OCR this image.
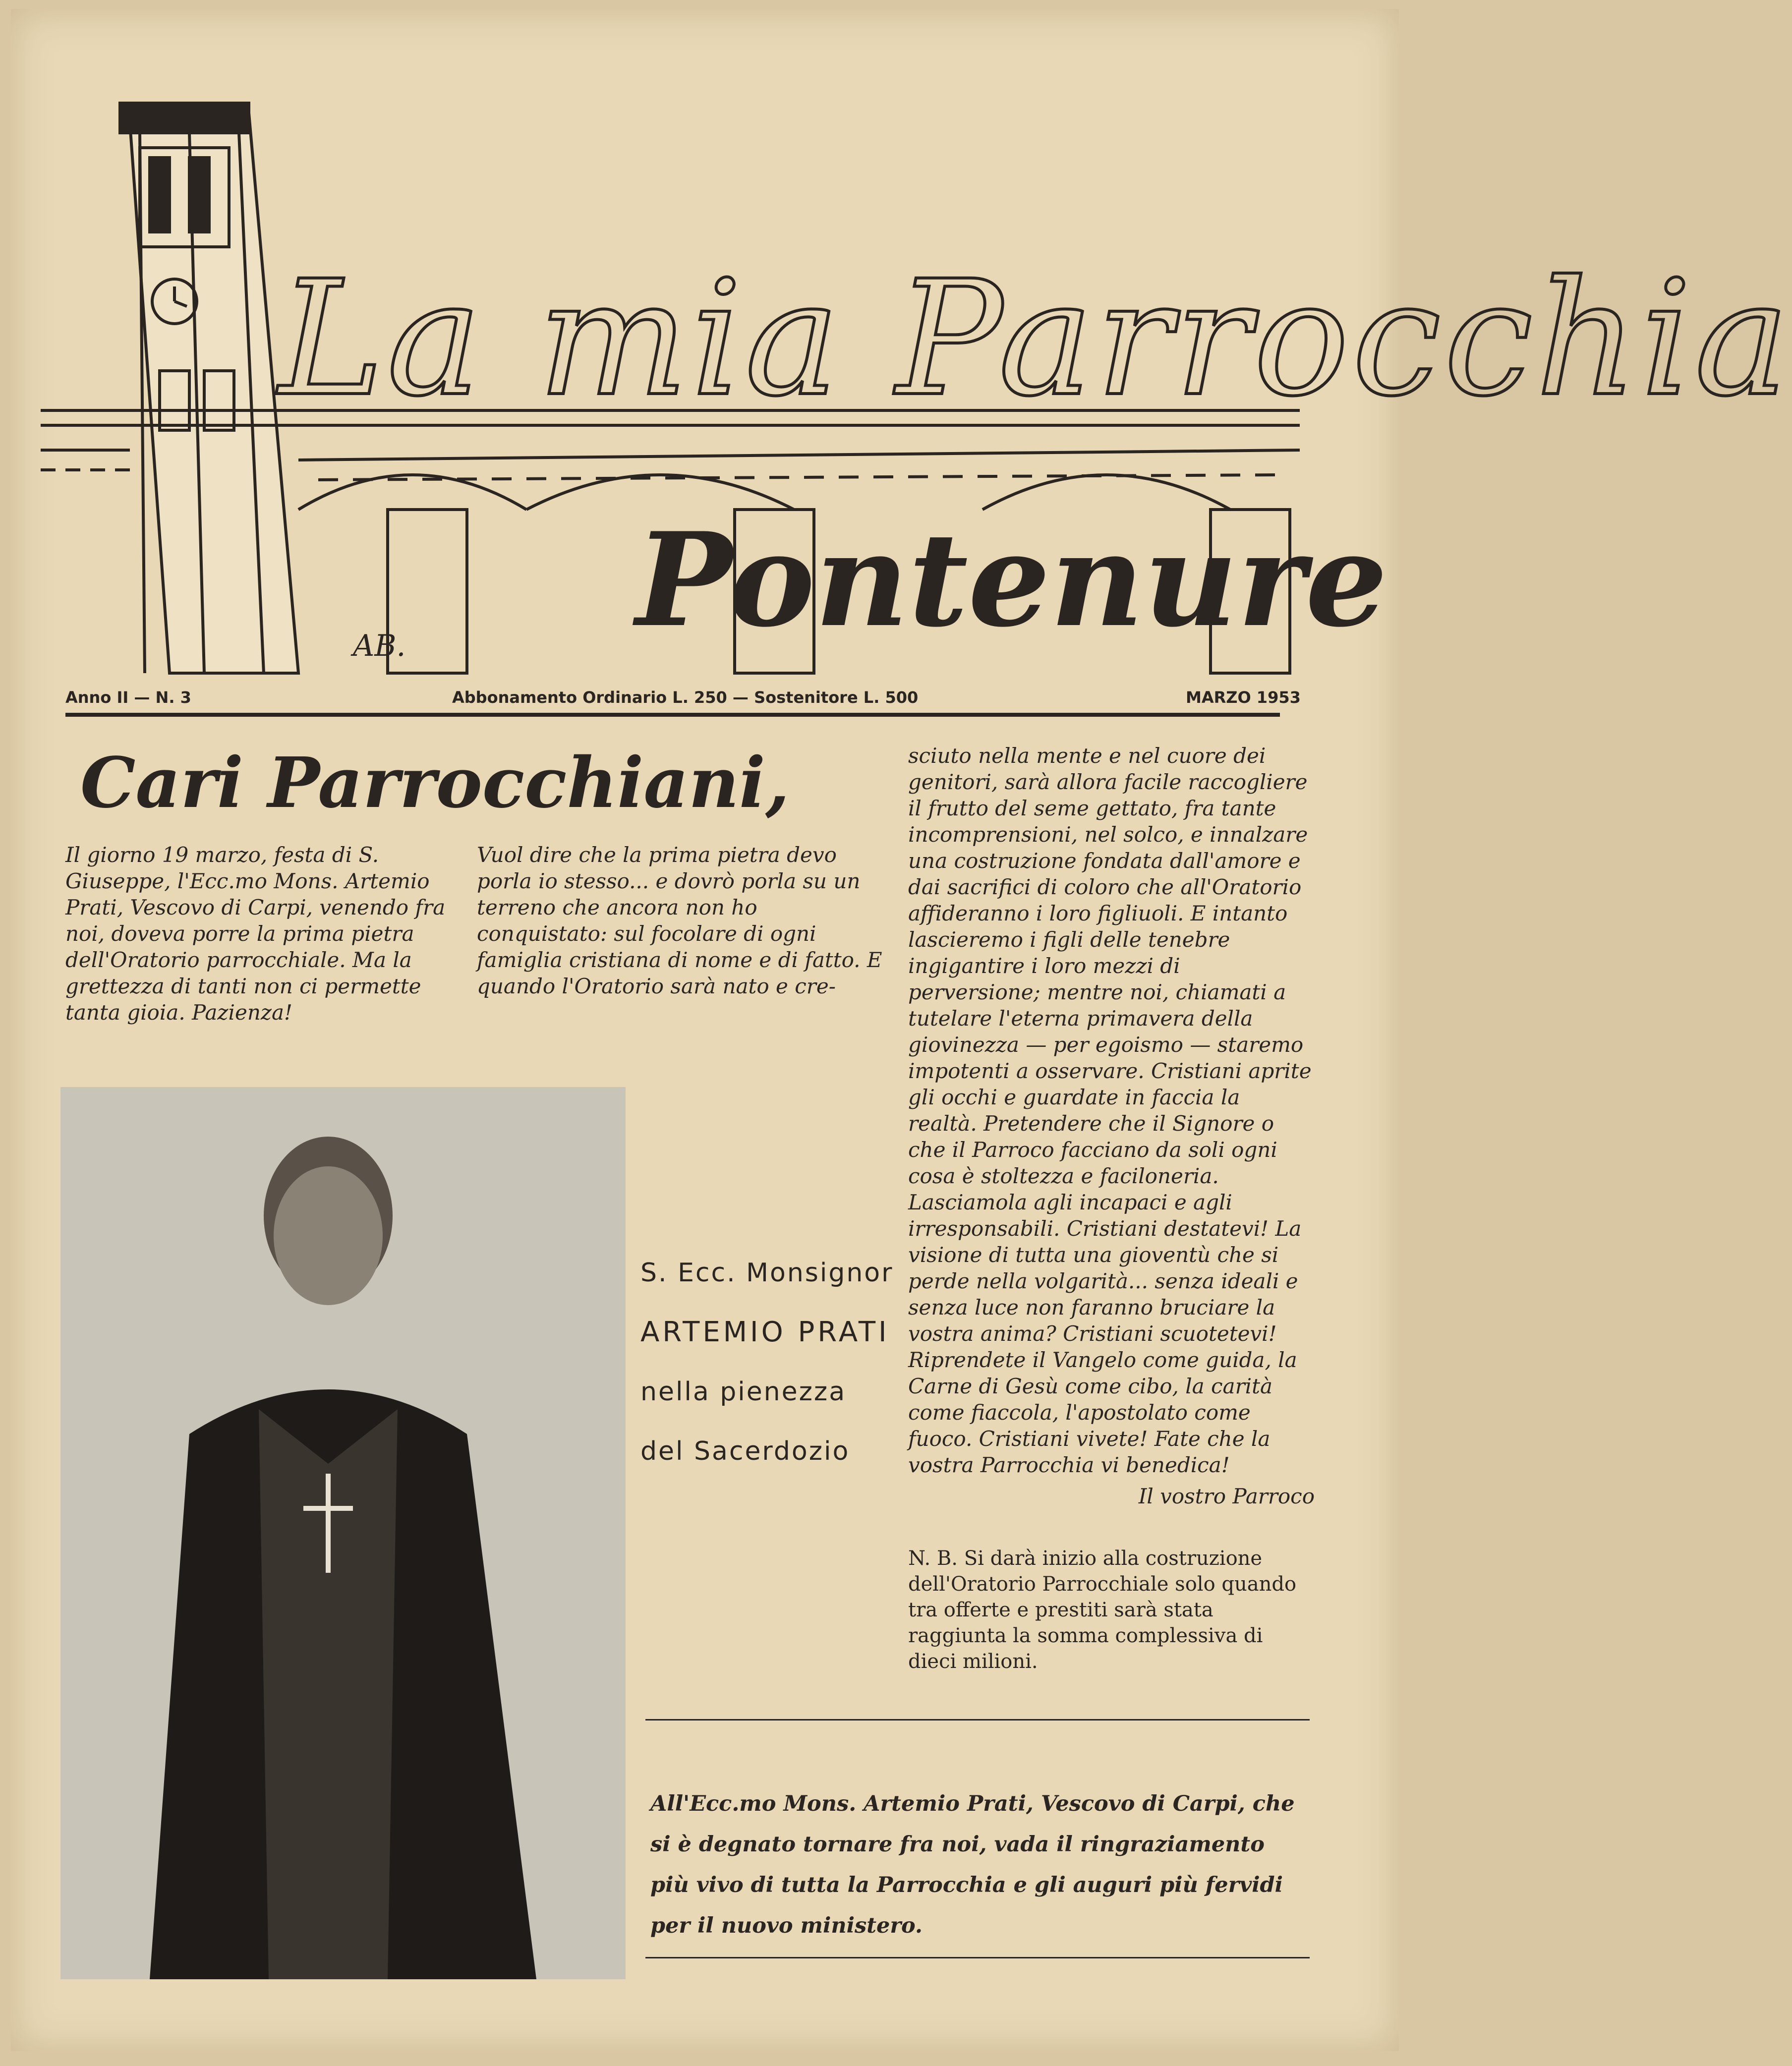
La mia Parrocchia
Pontenure
AB.
Anno II — N. 3	Abbonamento Ordinario L. 250 — Sostenitore L. 500	MARZO 1953
Cari Parrocchiani,

Il giorno 19 marzo, festa di S. Giuseppe, l'Ecc.mo Mons. Artemio Prati, Vescovo di Carpi, venendo fra noi, doveva porre la prima pietra dell'Oratorio parrocchiale. Ma la grettezza di tanti non ci permette tanta gioia. Pazienza!

Vuol dire che la prima pietra devo porla io stesso... e dovrò porla su un terreno che ancora non ho conquistato: sul focolare di ogni famiglia cristiana di nome e di fatto. E quando l'Oratorio sarà nato e cre-

sciuto nella mente e nel cuore dei genitori, sarà allora facile raccogliere il frutto del seme gettato, fra tante incomprensioni, nel solco, e innalzare una costruzione fondata dall'amore e dai sacrifici di coloro che all'Oratorio affideranno i loro figliuoli. E intanto lascieremo i figli delle tenebre ingigantire i loro mezzi di perversione; mentre noi, chiamati a tutelare l'eterna primavera della giovinezza — per egoismo — staremo impotenti a osservare. Cristiani aprite gli occhi e guardate in faccia la realtà. Pretendere che il Signore o che il Parroco facciano da soli ogni cosa è stoltezza e faciloneria. Lasciamola agli incapaci e agli irresponsabili. Cristiani destatevi! La visione di tutta una gioventù che si perde nella volgarità... senza ideali e senza luce non faranno bruciare la vostra anima? Cristiani scuotetevi! Riprendete il Vangelo come guida, la Carne di Gesù come cibo, la carità come fiaccola, l'apostolato come fuoco. Cristiani vivete! Fate che la vostra Parrocchia vi benedica!

Il vostro Parroco

N. B. Si darà inizio alla costruzione dell'Oratorio Parrocchiale solo quando tra offerte e prestiti sarà stata raggiunta la somma complessiva di dieci milioni.
S. Ecc. Monsignor
ARTEMIO PRATI
nella pienezza
del Sacerdozio
All'Ecc.mo Mons. Artemio Prati, Vescovo di Carpi, che si è degnato tornare fra noi, vada il ringraziamento più vivo di tutta la Parrocchia e gli auguri più fervidi per il nuovo ministero.
